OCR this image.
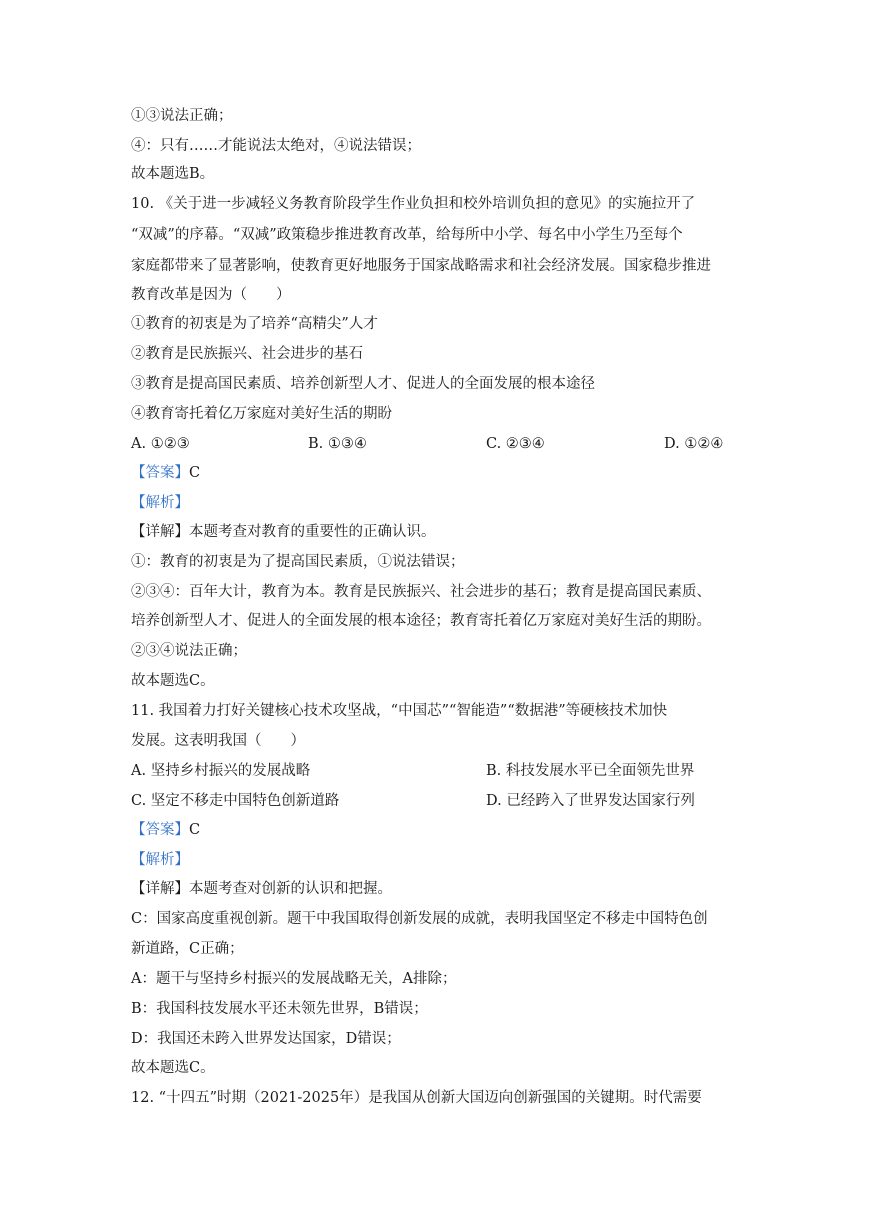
①③说法正确；
④：只有……才能说法太绝对，④说法错误；
故本题选B。
10. 《关于进一步减轻义务教育阶段学生作业负担和校外培训负担的意见》的实施拉开了
“双减”的序幕。“双减”政策稳步推进教育改革，给每所中小学、每名中小学生乃至每个
家庭都带来了显著影响，使教育更好地服务于国家战略需求和社会经济发展。国家稳步推进
教育改革是因为（　　）
①教育的初衷是为了培养“高精尖”人才
②教育是民族振兴、社会进步的基石
③教育是提高国民素质、培养创新型人才、促进人的全面发展的根本途径
④教育寄托着亿万家庭对美好生活的期盼
A. ①②③	B. ①③④	C. ②③④	D. ①②④
【答案】C
【解析】
【详解】本题考查对教育的重要性的正确认识。
①：教育的初衷是为了提高国民素质，①说法错误；
②③④：百年大计，教育为本。教育是民族振兴、社会进步的基石；教育是提高国民素质、
培养创新型人才、促进人的全面发展的根本途径；教育寄托着亿万家庭对美好生活的期盼。
②③④说法正确；
故本题选C。
11. 我国着力打好关键核心技术攻坚战，“中国芯”“智能造”“数据港”等硬核技术加快
发展。这表明我国（　　）
A. 坚持乡村振兴的发展战略	B. 科技发展水平已全面领先世界
C. 坚定不移走中国特色创新道路	D. 已经跨入了世界发达国家行列
【答案】C
【解析】
【详解】本题考查对创新的认识和把握。
C：国家高度重视创新。题干中我国取得创新发展的成就，表明我国坚定不移走中国特色创
新道路，C正确；
A：题干与坚持乡村振兴的发展战略无关，A排除；
B：我国科技发展水平还未领先世界，B错误；
D：我国还未跨入世界发达国家，D错误；
故本题选C。
12. “十四五”时期（2021-2025年）是我国从创新大国迈向创新强国的关键期。时代需要
